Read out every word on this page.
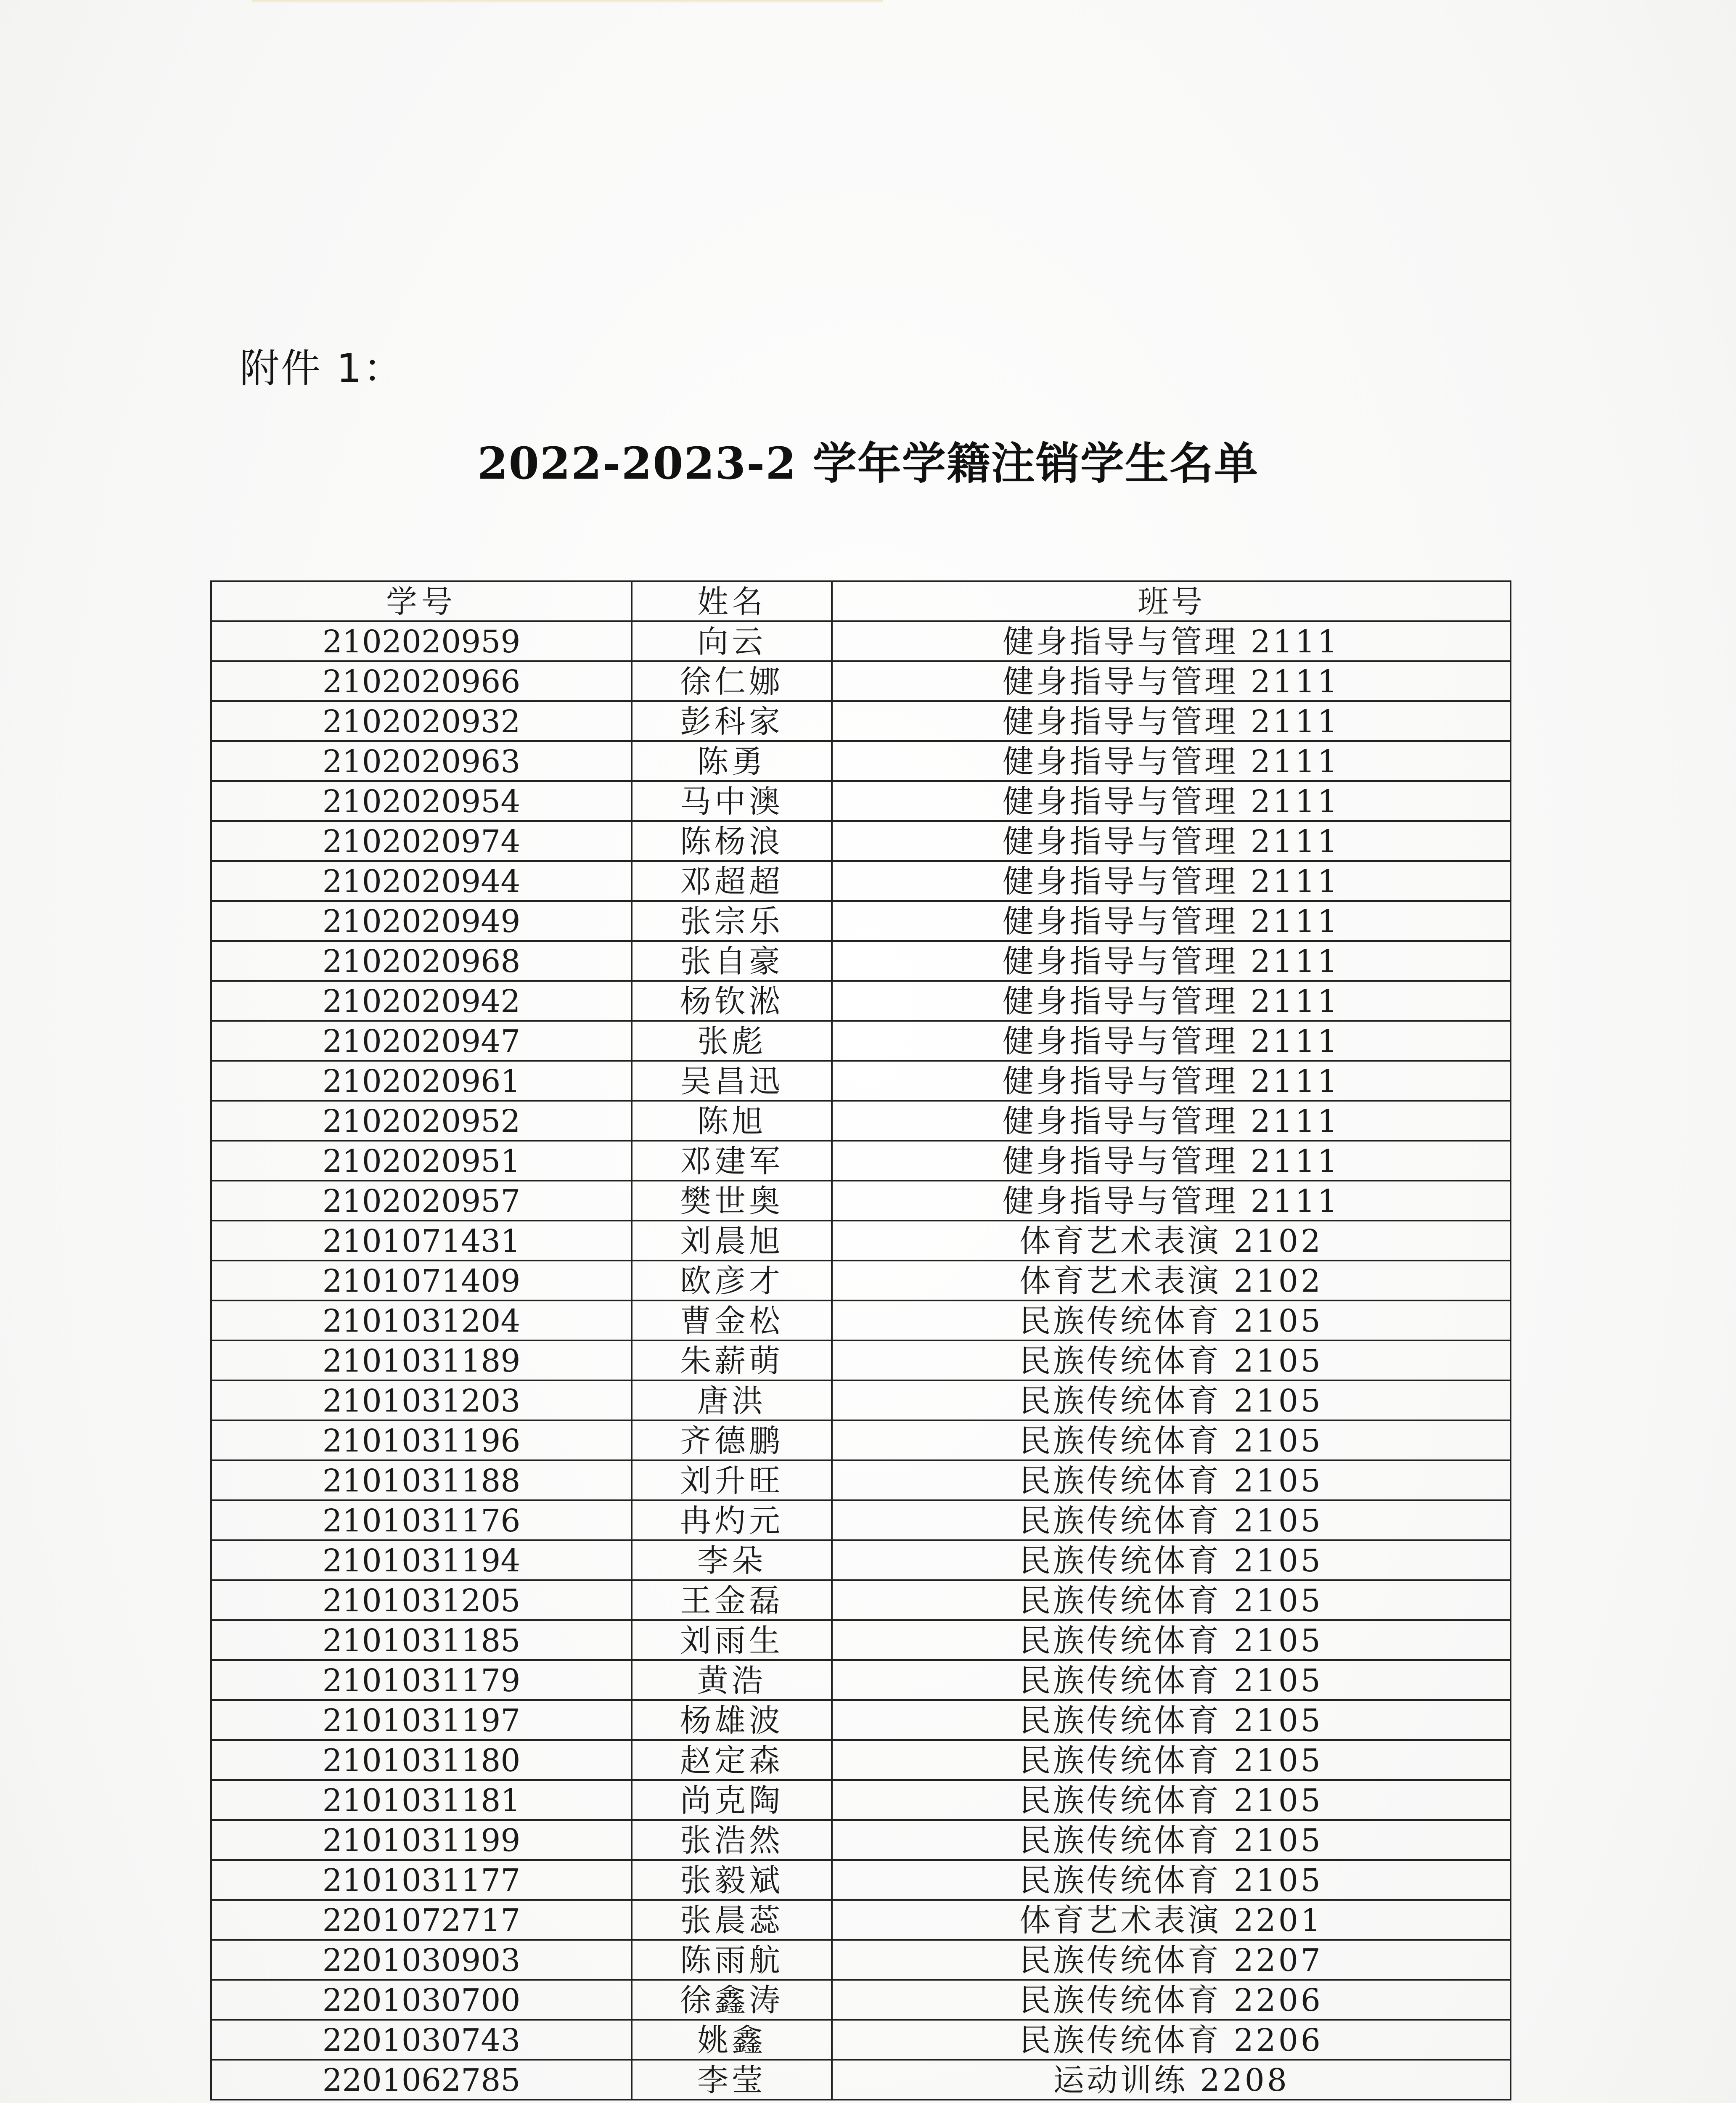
附件 1：
2022-2023-2 学年学籍注销学生名单
学号	姓名	班号
2102020959	向云	健身指导与管理 2111
2102020966	徐仁娜	健身指导与管理 2111
2102020932	彭科家	健身指导与管理 2111
2102020963	陈勇	健身指导与管理 2111
2102020954	马中澳	健身指导与管理 2111
2102020974	陈杨浪	健身指导与管理 2111
2102020944	邓超超	健身指导与管理 2111
2102020949	张宗乐	健身指导与管理 2111
2102020968	张自豪	健身指导与管理 2111
2102020942	杨钦淞	健身指导与管理 2111
2102020947	张彪	健身指导与管理 2111
2102020961	吴昌迅	健身指导与管理 2111
2102020952	陈旭	健身指导与管理 2111
2102020951	邓建军	健身指导与管理 2111
2102020957	樊世奥	健身指导与管理 2111
2101071431	刘晨旭	体育艺术表演 2102
2101071409	欧彦才	体育艺术表演 2102
2101031204	曹金松	民族传统体育 2105
2101031189	朱薪萌	民族传统体育 2105
2101031203	唐洪	民族传统体育 2105
2101031196	齐德鹏	民族传统体育 2105
2101031188	刘升旺	民族传统体育 2105
2101031176	冉灼元	民族传统体育 2105
2101031194	李朵	民族传统体育 2105
2101031205	王金磊	民族传统体育 2105
2101031185	刘雨生	民族传统体育 2105
2101031179	黄浩	民族传统体育 2105
2101031197	杨雄波	民族传统体育 2105
2101031180	赵定森	民族传统体育 2105
2101031181	尚克陶	民族传统体育 2105
2101031199	张浩然	民族传统体育 2105
2101031177	张毅斌	民族传统体育 2105
2201072717	张晨蕊	体育艺术表演 2201
2201030903	陈雨航	民族传统体育 2207
2201030700	徐鑫涛	民族传统体育 2206
2201030743	姚鑫	民族传统体育 2206
2201062785	李莹	运动训练 2208
